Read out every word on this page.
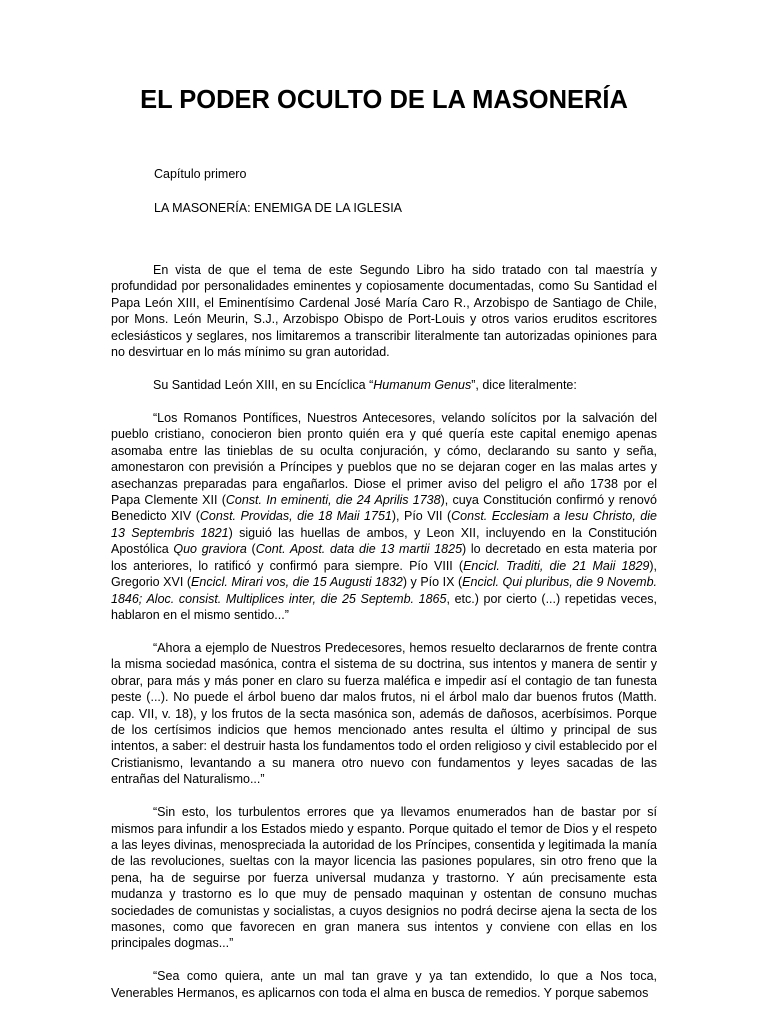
EL PODER OCULTO DE LA MASONERÍA

Capítulo primero

LA MASONERÍA: ENEMIGA DE LA IGLESIA

En vista de que el tema de este Segundo Libro ha sido tratado con tal maestría y profundidad por personalidades eminentes y copiosamente documentadas, como Su Santidad el Papa León XIII, el Eminentísimo Cardenal José María Caro R., Arzobispo de Santiago de Chile, por Mons. León Meurin, S.J., Arzobispo Obispo de Port-Louis y otros varios eruditos escritores eclesiásticos y seglares, nos limitaremos a transcribir literalmente tan autorizadas opiniones para no desvirtuar en lo más mínimo su gran autoridad.

Su Santidad León XIII, en su Encíclica “Humanum Genus”, dice literalmente:

“Los Romanos Pontífices, Nuestros Antecesores, velando solícitos por la salvación del pueblo cristiano, conocieron bien pronto quién era y qué quería este capital enemigo apenas asomaba entre las tinieblas de su oculta conjuración, y cómo, declarando su santo y seña, amonestaron con previsión a Príncipes y pueblos que no se dejaran coger en las malas artes y asechanzas preparadas para engañarlos. Diose el primer aviso del peligro el año 1738 por el Papa Clemente XII (Const. In eminenti, die 24 Aprilis 1738), cuya Constitución confirmó y renovó Benedicto XIV (Const. Providas, die 18 Maii 1751), Pío VII (Const. Ecclesiam a Iesu Christo, die 13 Septembris 1821) siguió las huellas de ambos, y Leon XII, incluyendo en la Constitución Apostólica Quo graviora (Cont. Apost. data die 13 martii 1825) lo decretado en esta materia por los anteriores, lo ratificó y confirmó para siempre. Pío VIII (Encicl. Traditi, die 21 Maii 1829), Gregorio XVI (Encicl. Mirari vos, die 15 Augusti 1832) y Pío IX (Encicl. Qui pluribus, die 9 Novemb. 1846; Aloc. consist. Multiplices inter, die 25 Septemb. 1865, etc.) por cierto (...) repetidas veces, hablaron en el mismo sentido...”

“Ahora a ejemplo de Nuestros Predecesores, hemos resuelto declararnos de frente contra la misma sociedad masónica, contra el sistema de su doctrina, sus intentos y manera de sentir y obrar, para más y más poner en claro su fuerza maléfica e impedir así el contagio de tan funesta peste (...). No puede el árbol bueno dar malos frutos, ni el árbol malo dar buenos frutos (Matth. cap. VII, v. 18), y los frutos de la secta masónica son, además de dañosos, acerbísimos. Porque de los certísimos indicios que hemos mencionado antes resulta el último y principal de sus intentos, a saber: el destruir hasta los fundamentos todo el orden religioso y civil establecido por el Cristianismo, levantando a su manera otro nuevo con fundamentos y leyes sacadas de las entrañas del Naturalismo...”

“Sin esto, los turbulentos errores que ya llevamos enumerados han de bastar por sí mismos para infundir a los Estados miedo y espanto. Porque quitado el temor de Dios y el respeto a las leyes divinas, menospreciada la autoridad de los Príncipes, consentida y legitimada la manía de las revoluciones, sueltas con la mayor licencia las pasiones populares, sin otro freno que la pena, ha de seguirse por fuerza universal mudanza y trastorno. Y aún precisamente esta mudanza y trastorno es lo que muy de pensado maquinan y ostentan de consuno muchas sociedades de comunistas y socialistas, a cuyos designios no podrá decirse ajena la secta de los masones, como que favorecen en gran manera sus intentos y conviene con ellas en los principales dogmas...”

“Sea como quiera, ante un mal tan grave y ya tan extendido, lo que a Nos toca, Venerables Hermanos, es aplicarnos con toda el alma en busca de remedios. Y porque sabemos
